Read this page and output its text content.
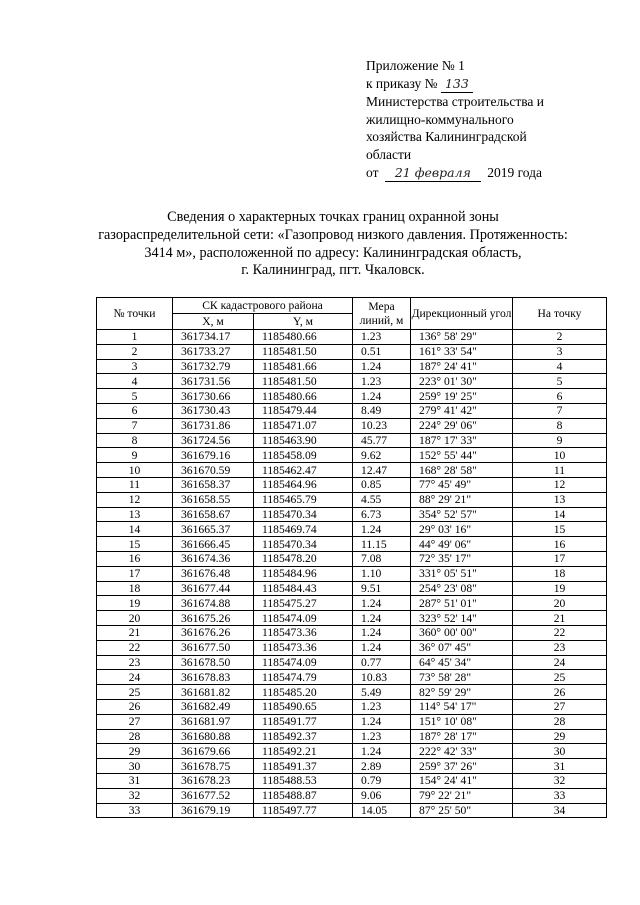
Приложение № 1
к приказу № 133
Министерства строительства и
жилищно-коммунального
хозяйства Калининградской
области
от 21 февраля 2019 года
Сведения о характерных точках границ охранной зоны
газораспределительной сети: «Газопровод низкого давления. Протяженность:
3414 м», расположенной по адресу: Калининградская область,
г. Калининград, пгт. Чкаловск.
№ точки	СК кадастрового района		Мера линий, м	Дирекционный угол	На точку
	X, м	Y, м			
1	361734.17	1185480.66	1.23	136° 58' 29"	2
2	361733.27	1185481.50	0.51	161° 33' 54"	3
3	361732.79	1185481.66	1.24	187° 24' 41"	4
4	361731.56	1185481.50	1.23	223° 01' 30"	5
5	361730.66	1185480.66	1.24	259° 19' 25"	6
6	361730.43	1185479.44	8.49	279° 41' 42"	7
7	361731.86	1185471.07	10.23	224° 29' 06"	8
8	361724.56	1185463.90	45.77	187° 17' 33"	9
9	361679.16	1185458.09	9.62	152° 55' 44"	10
10	361670.59	1185462.47	12.47	168° 28' 58"	11
11	361658.37	1185464.96	0.85	77° 45' 49"	12
12	361658.55	1185465.79	4.55	88° 29' 21"	13
13	361658.67	1185470.34	6.73	354° 52' 57"	14
14	361665.37	1185469.74	1.24	29° 03' 16"	15
15	361666.45	1185470.34	11.15	44° 49' 06"	16
16	361674.36	1185478.20	7.08	72° 35' 17"	17
17	361676.48	1185484.96	1.10	331° 05' 51"	18
18	361677.44	1185484.43	9.51	254° 23' 08"	19
19	361674.88	1185475.27	1.24	287° 51' 01"	20
20	361675.26	1185474.09	1.24	323° 52' 14"	21
21	361676.26	1185473.36	1.24	360° 00' 00"	22
22	361677.50	1185473.36	1.24	36° 07' 45"	23
23	361678.50	1185474.09	0.77	64° 45' 34"	24
24	361678.83	1185474.79	10.83	73° 58' 28"	25
25	361681.82	1185485.20	5.49	82° 59' 29"	26
26	361682.49	1185490.65	1.23	114° 54' 17"	27
27	361681.97	1185491.77	1.24	151° 10' 08"	28
28	361680.88	1185492.37	1.23	187° 28' 17"	29
29	361679.66	1185492.21	1.24	222° 42' 33"	30
30	361678.75	1185491.37	2.89	259° 37' 26"	31
31	361678.23	1185488.53	0.79	154° 24' 41"	32
32	361677.52	1185488.87	9.06	79° 22' 21"	33
33	361679.19	1185497.77	14.05	87° 25' 50"	34
